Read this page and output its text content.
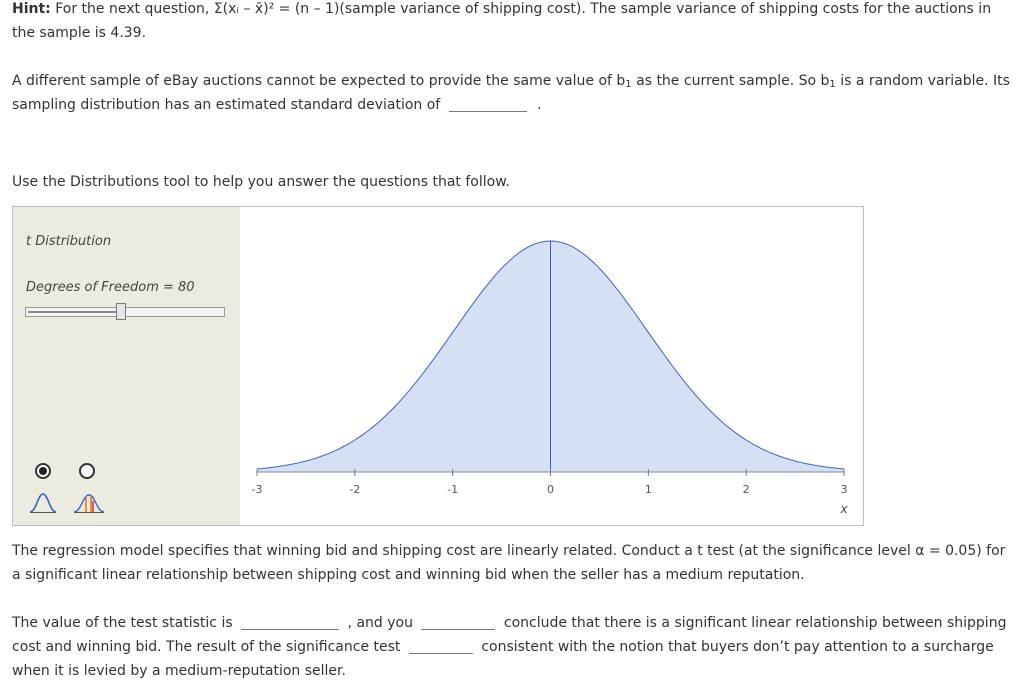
Hint: For the next question, Σ(xᵢ – x̄)² = (n – 1)(sample variance of shipping cost). The sample variance of shipping costs for the auctions in the sample is 4.39.

A different sample of eBay auctions cannot be expected to provide the same value of $b_1$ as the current sample. So $b_1$ is a random variable. Its sampling distribution has an estimated standard deviation of	.

Use the Distributions tool to help you answer the questions that follow.

t Distribution
Degrees of Freedom = 80
-3	-2	-1	0	1	2	3
x

The regression model specifies that winning bid and shipping cost are linearly related. Conduct a t test (at the significance level α = 0.05) for a significant linear relationship between shipping cost and winning bid when the seller has a medium reputation.

The value of the test statistic is	, and you	conclude that there is a significant linear relationship between shipping cost and winning bid. The result of the significance test	consistent with the notion that buyers don’t pay attention to a surcharge when it is levied by a medium-reputation seller.
